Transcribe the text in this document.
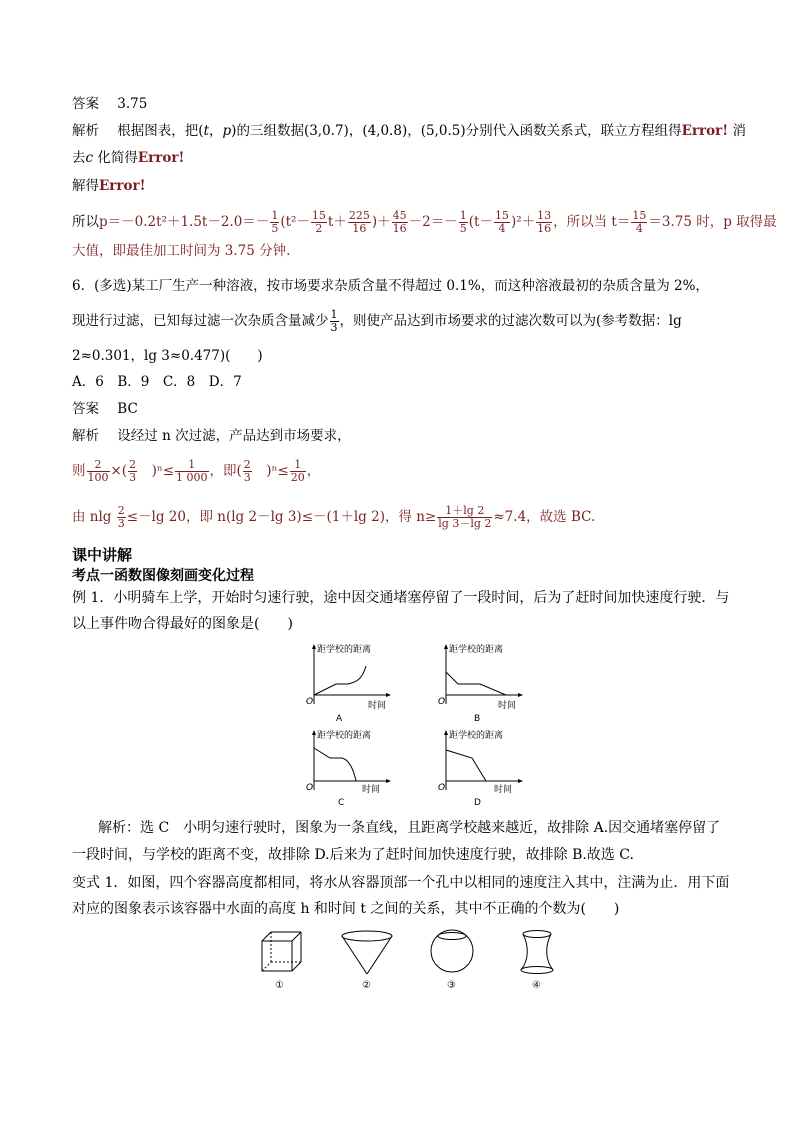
答案 3.75
解析 根据图表，把(t，p)的三组数据(3,0.7)，(4,0.8)，(5,0.5)分别代入函数关系式，联立方程组得Error! 消
去c 化简得Error!
解得Error!
所以$p=-0.2t^2+1.5t-2.0=- \frac{1}{5} (t^2- \frac{15}{2} t+ \frac{225}{16}$ )＋ $\frac{45}{16} -2=- \frac{1}{5} (t- \frac{15}{4} )^2+ \frac{13}{16}$ ，所以当 $t= \frac{15}{4} =3.75$ 时，p 取得最
大值，即最佳加工时间为 3.75 分钟.
6．(多选)某工厂生产一种溶液，按市场要求杂质含量不得超过 0.1%，而这种溶液最初的杂质含量为 2%，
现进行过滤，已知每过滤一次杂质含量减少 $\frac{1}{3}$ ，则使产品达到市场要求的过滤次数可以为(参考数据：lg
2≈0.301，lg 3≈0.477)(　　)
A．6　B．9　C．8　D．7
答案 BC
解析 设经过 n 次过滤，产品达到市场要求，
则 $\frac{2}{100}$ ×( $\frac{2}{3}$ 　)$^n\le \frac{1}{1 000}$ ，即( $\frac{2}{3}$ 　)$^n\le \frac{1}{20}$ ，
由 nlg $\frac{2}{3} \le-\lg$ 20，即 n(lg 2－lg 3)≤－(1＋lg 2)，得 $n\ge \frac{1+\lg 2}{\lg 3-\lg 2} \approx 7.4$，故选 BC.
课中讲解
考点一函数图像刻画变化过程
例 1．小明骑车上学，开始时匀速行驶，途中因交通堵塞停留了一段时间，后为了赶时间加快速度行驶．与
以上事件吻合得最好的图象是(　　)
距学校的距离
时间
O
A
距学校的距离
时间
O
B
距学校的距离
时间
O
C
距学校的距离
时间
O
D
解析：选 C　小明匀速行驶时，图象为一条直线，且距离学校越来越近，故排除 A.因交通堵塞停留了
一段时间，与学校的距离不变，故排除 D.后来为了赶时间加快速度行驶，故排除 B.故选 C.
变式 1．如图，四个容器高度都相同，将水从容器顶部一个孔中以相同的速度注入其中，注满为止．用下面
对应的图象表示该容器中水面的高度 h 和时间 t 之间的关系，其中不正确的个数为(　　)
①	②	③	④
